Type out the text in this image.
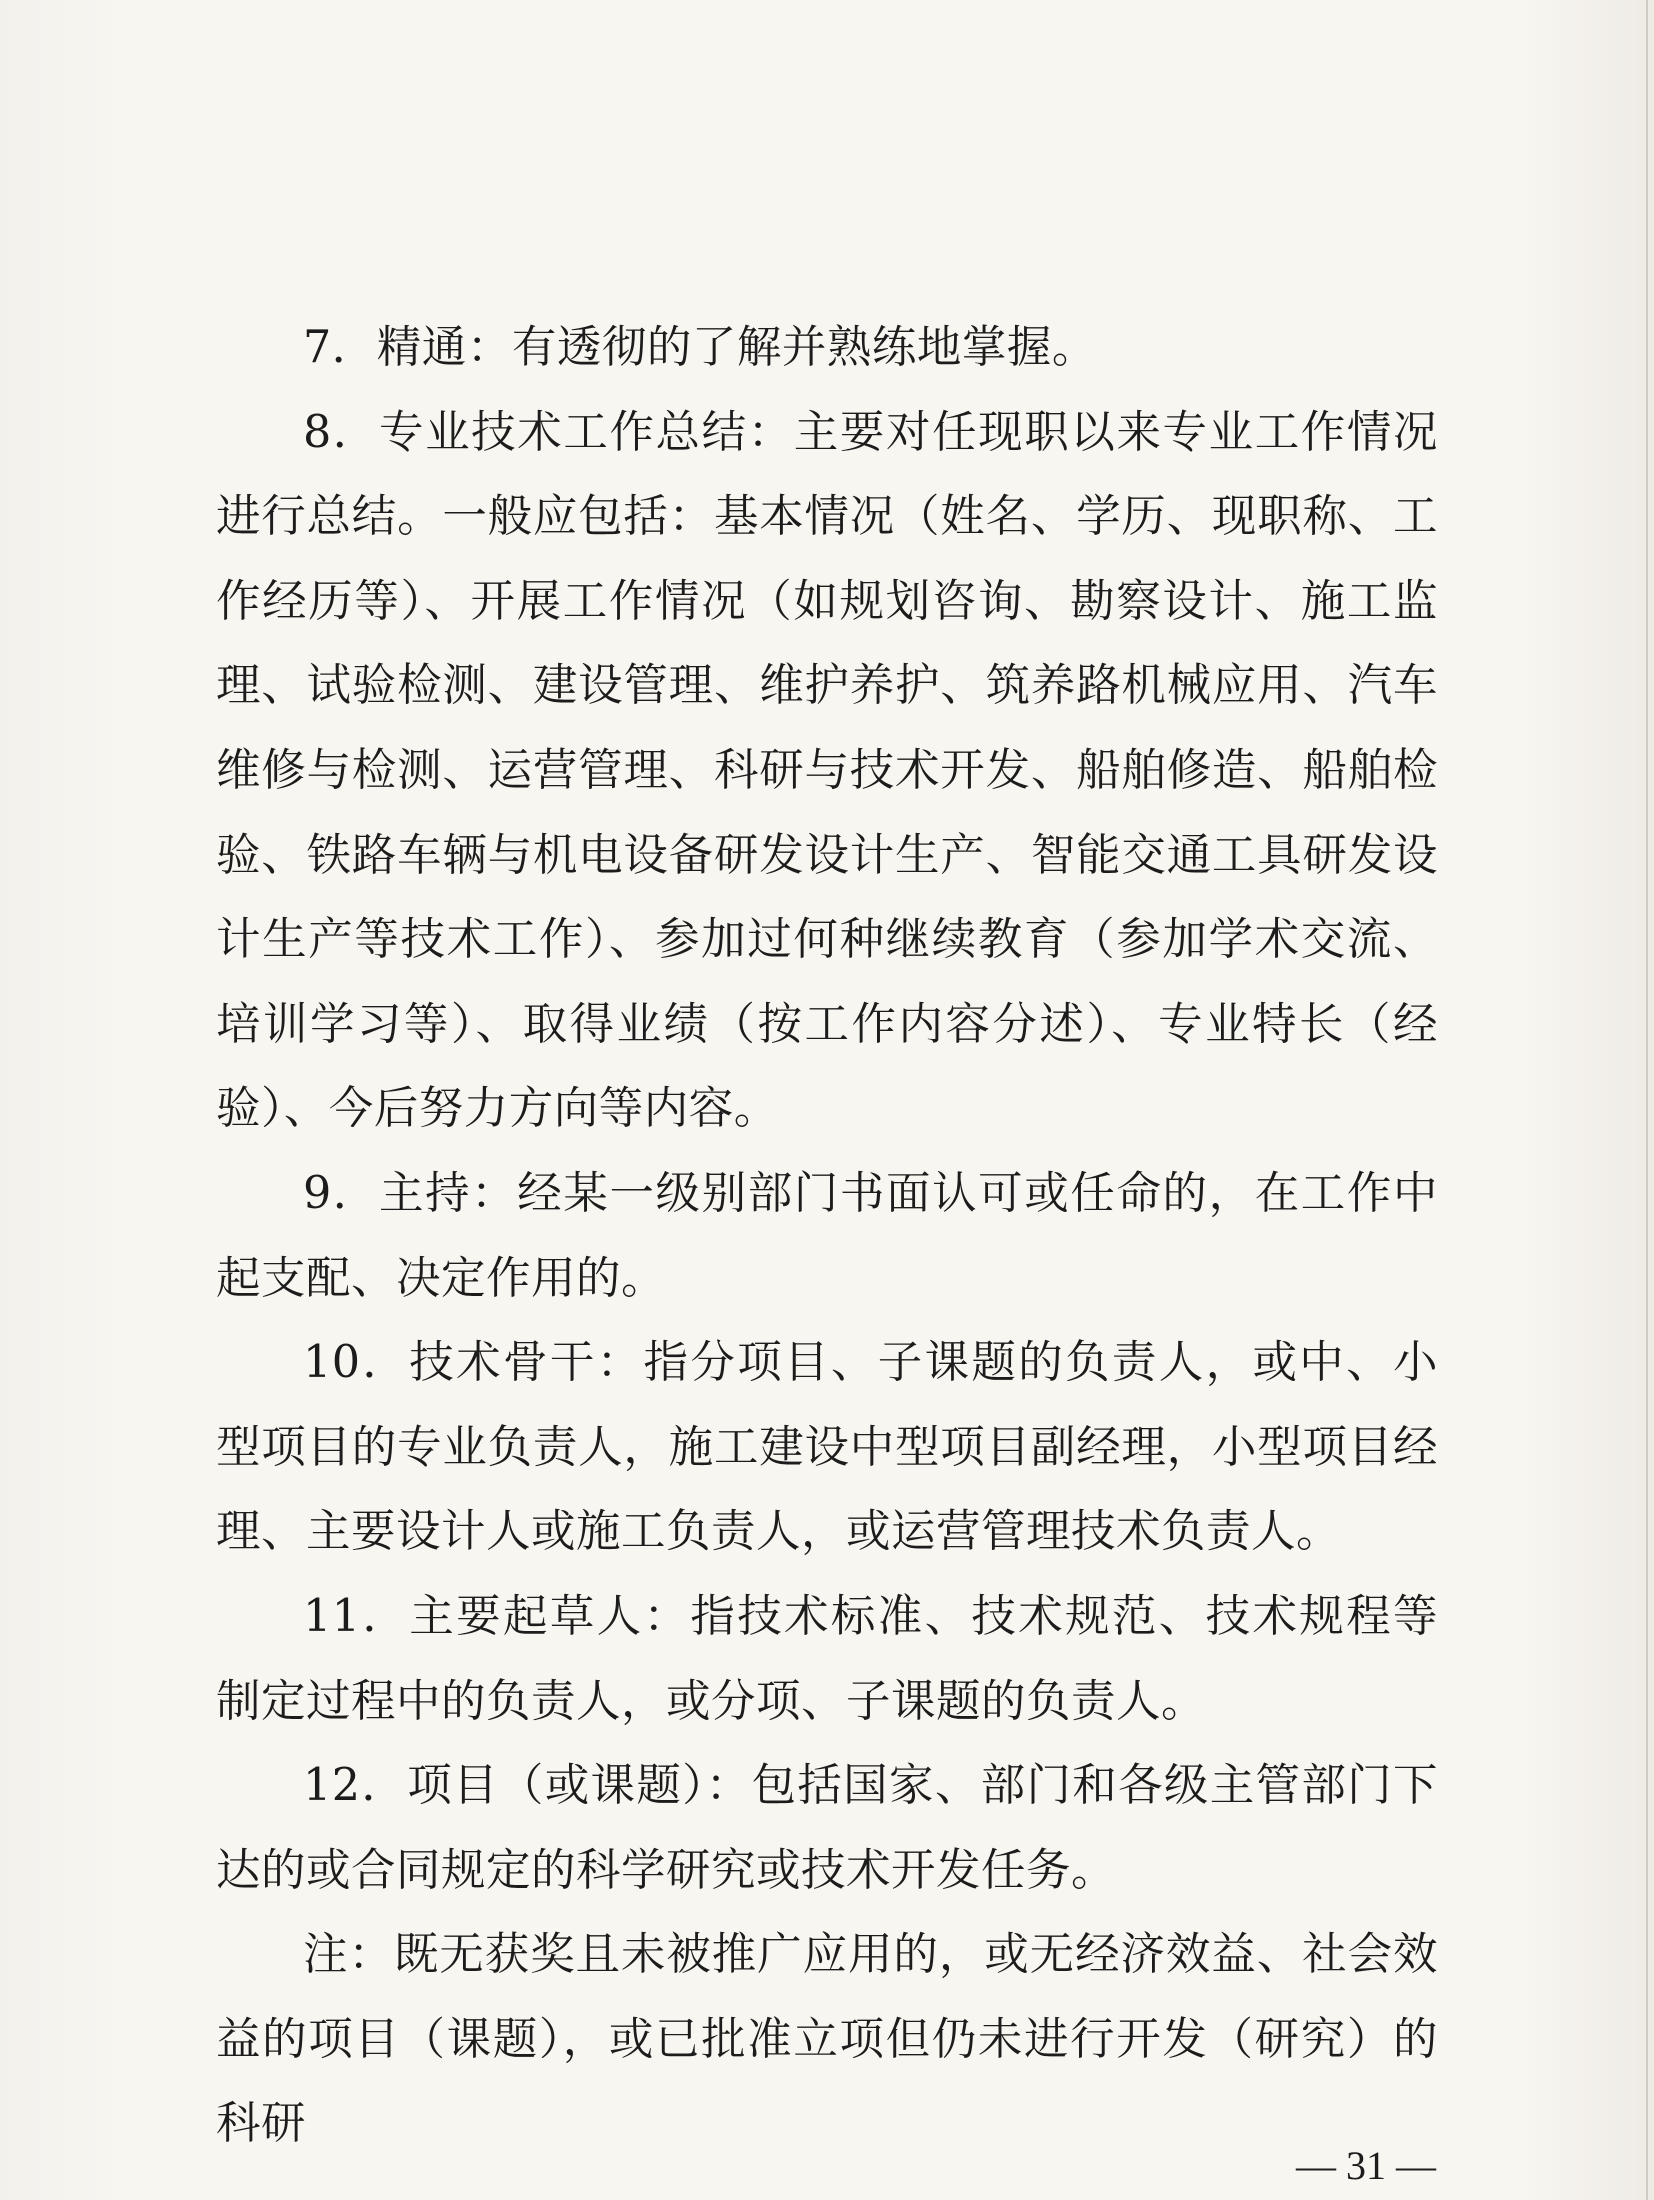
7．精通：有透彻的了解并熟练地掌握。

8．专业技术工作总结：主要对任现职以来专业工作情况进行总结。一般应包括：基本情况（姓名、学历、现职称、工作经历等）、开展工作情况（如规划咨询、勘察设计、施工监理、试验检测、建设管理、维护养护、筑养路机械应用、汽车维修与检测、运营管理、科研与技术开发、船舶修造、船舶检验、铁路车辆与机电设备研发设计生产、智能交通工具研发设计生产等技术工作）、参加过何种继续教育（参加学术交流、培训学习等）、取得业绩（按工作内容分述）、专业特长（经验）、今后努力方向等内容。

9．主持：经某一级别部门书面认可或任命的，在工作中起支配、决定作用的。

10．技术骨干：指分项目、子课题的负责人，或中、小型项目的专业负责人，施工建设中型项目副经理，小型项目经理、主要设计人或施工负责人，或运营管理技术负责人。

11．主要起草人：指技术标准、技术规范、技术规程等制定过程中的负责人，或分项、子课题的负责人。

12．项目（或课题）：包括国家、部门和各级主管部门下达的或合同规定的科学研究或技术开发任务。

注：既无获奖且未被推广应用的，或无经济效益、社会效益的项目（课题），或已批准立项但仍未进行开发（研究）的科研

— 31 —
